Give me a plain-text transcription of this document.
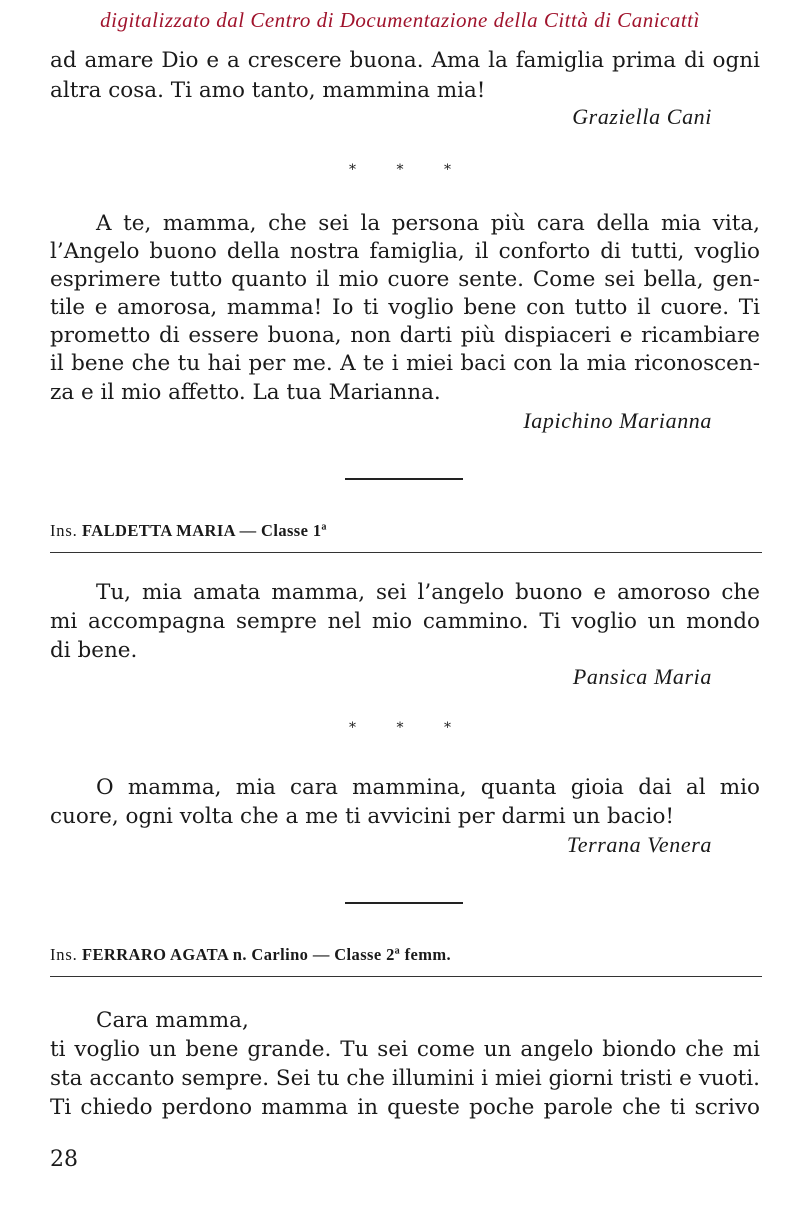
digitalizzato dal Centro di Documentazione della Città di Canicattì
ad amare Dio e a crescere buona. Ama la famiglia prima di ogni
altra cosa. Ti amo tanto, mammina mia!
Graziella Cani
* * *
A te, mamma, che sei la persona più cara della mia vita,
l’Angelo buono della nostra famiglia, il conforto di tutti, voglio
esprimere tutto quanto il mio cuore sente. Come sei bella, gen-
tile e amorosa, mamma! Io ti voglio bene con tutto il cuore. Ti
prometto di essere buona, non darti più dispiaceri e ricambiare
il bene che tu hai per me. A te i miei baci con la mia riconoscen-
za e il mio affetto. La tua Marianna.
Iapichino Marianna
Ins. FALDETTA MARIA — Classe 1ª
Tu, mia amata mamma, sei l’angelo buono e amoroso che
mi accompagna sempre nel mio cammino. Ti voglio un mondo
di bene.
Pansica Maria
* * *
O mamma, mia cara mammina, quanta gioia dai al mio
cuore, ogni volta che a me ti avvicini per darmi un bacio!
Terrana Venera
Ins. FERRARO AGATA n. Carlino — Classe 2ª femm.
Cara mamma,
ti voglio un bene grande. Tu sei come un angelo biondo che mi
sta accanto sempre. Sei tu che illumini i miei giorni tristi e vuoti.
Ti chiedo perdono mamma in queste poche parole che ti scrivo
28
